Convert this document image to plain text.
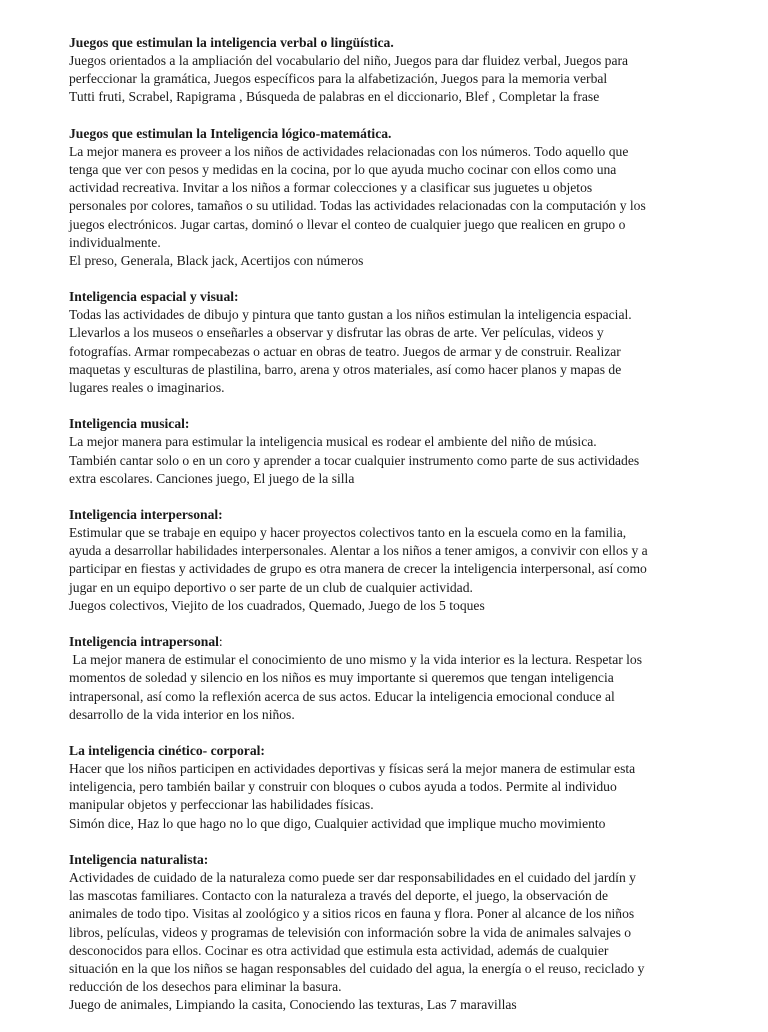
Juegos que estimulan la inteligencia verbal o lingüística.
Juegos orientados a la ampliación del vocabulario del niño, Juegos para dar fluidez verbal, Juegos para
perfeccionar la gramática, Juegos específicos para la alfabetización, Juegos para la memoria verbal
Tutti fruti, Scrabel, Rapigrama , Búsqueda de palabras en el diccionario, Blef , Completar la frase
Juegos que estimulan la Inteligencia lógico-matemática.
La mejor manera es proveer a los niños de actividades relacionadas con los números. Todo aquello que
tenga que ver con pesos y medidas en la cocina, por lo que ayuda mucho cocinar con ellos como una
actividad recreativa. Invitar a los niños a formar colecciones y a clasificar sus juguetes u objetos
personales por colores, tamaños o su utilidad. Todas las actividades relacionadas con la computación y los
juegos electrónicos. Jugar cartas, dominó o llevar el conteo de cualquier juego que realicen en grupo o
individualmente.
El preso, Generala, Black jack, Acertijos con números
Inteligencia espacial y visual:
Todas las actividades de dibujo y pintura que tanto gustan a los niños estimulan la inteligencia espacial.
Llevarlos a los museos o enseñarles a observar y disfrutar las obras de arte. Ver películas, videos y
fotografías. Armar rompecabezas o actuar en obras de teatro. Juegos de armar y de construir. Realizar
maquetas y esculturas de plastilina, barro, arena y otros materiales, así como hacer planos y mapas de
lugares reales o imaginarios.
Inteligencia musical:
La mejor manera para estimular la inteligencia musical es rodear el ambiente del niño de música.
También cantar solo o en un coro y aprender a tocar cualquier instrumento como parte de sus actividades
extra escolares. Canciones juego, El juego de la silla
Inteligencia interpersonal:
Estimular que se trabaje en equipo y hacer proyectos colectivos tanto en la escuela como en la familia,
ayuda a desarrollar habilidades interpersonales. Alentar a los niños a tener amigos, a convivir con ellos y a
participar en fiestas y actividades de grupo es otra manera de crecer la inteligencia interpersonal, así como
jugar en un equipo deportivo o ser parte de un club de cualquier actividad.
Juegos colectivos, Viejito de los cuadrados, Quemado, Juego de los 5 toques
Inteligencia intrapersonal:
La mejor manera de estimular el conocimiento de uno mismo y la vida interior es la lectura. Respetar los
momentos de soledad y silencio en los niños es muy importante si queremos que tengan inteligencia
intrapersonal, así como la reflexión acerca de sus actos. Educar la inteligencia emocional conduce al
desarrollo de la vida interior en los niños.
La inteligencia cinético- corporal:
Hacer que los niños participen en actividades deportivas y físicas será la mejor manera de estimular esta
inteligencia, pero también bailar y construir con bloques o cubos ayuda a todos. Permite al individuo
manipular objetos y perfeccionar las habilidades físicas.
Simón dice, Haz lo que hago no lo que digo, Cualquier actividad que implique mucho movimiento
Inteligencia naturalista:
Actividades de cuidado de la naturaleza como puede ser dar responsabilidades en el cuidado del jardín y
las mascotas familiares. Contacto con la naturaleza a través del deporte, el juego, la observación de
animales de todo tipo. Visitas al zoológico y a sitios ricos en fauna y flora. Poner al alcance de los niños
libros, películas, videos y programas de televisión con información sobre la vida de animales salvajes o
desconocidos para ellos. Cocinar es otra actividad que estimula esta actividad, además de cualquier
situación en la que los niños se hagan responsables del cuidado del agua, la energía o el reuso, reciclado y
reducción de los desechos para eliminar la basura.
Juego de animales, Limpiando la casita, Conociendo las texturas, Las 7 maravillas
